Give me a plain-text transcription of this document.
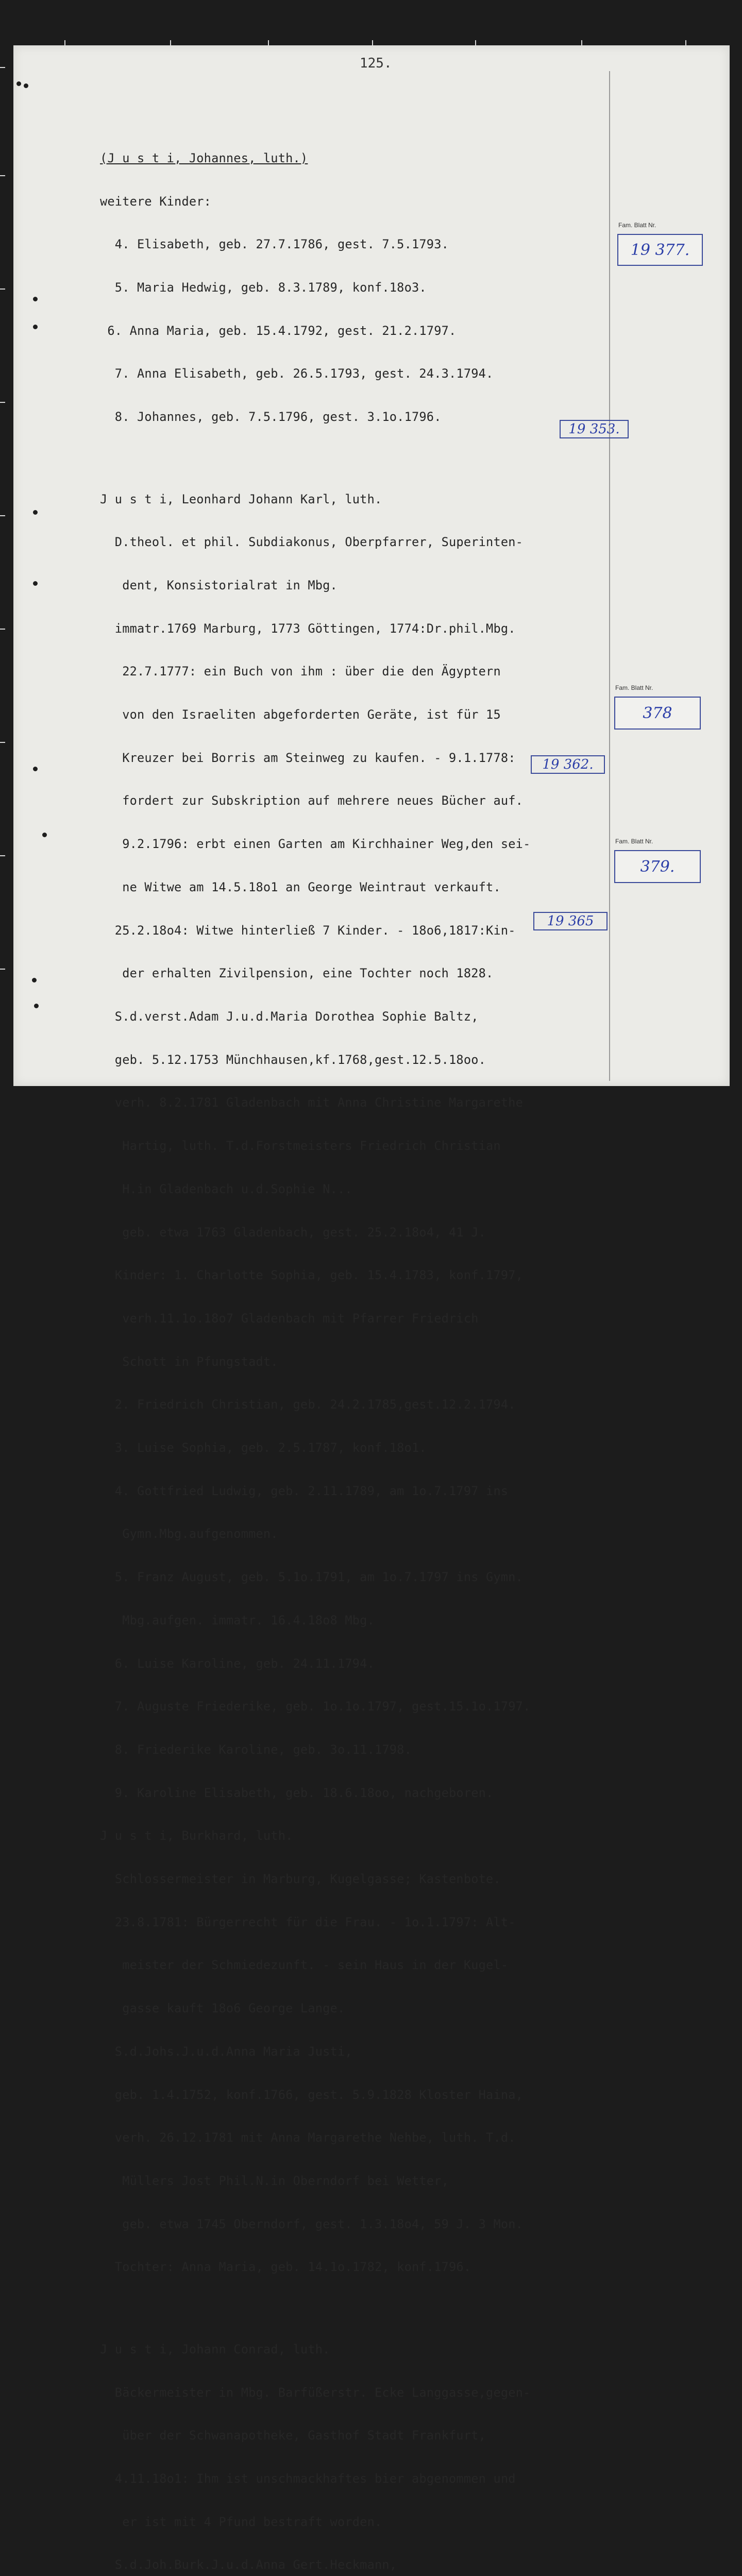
125.

(J u s t i, Johannes, luth.)

weitere Kinder:

4. Elisabeth, geb. 27.7.1786, gest. 7.5.1793.

5. Maria Hedwig, geb. 8.3.1789, konf.18o3.

6. Anna Maria, geb. 15.4.1792, gest. 21.2.1797.

7. Anna Elisabeth, geb. 26.5.1793, gest. 24.3.1794.

8. Johannes, geb. 7.5.1796, gest. 3.1o.1796.

J u s t i, Leonhard Johann Karl, luth.

D.theol. et phil. Subdiakonus, Oberpfarrer, Superinten-

dent, Konsistorialrat in Mbg.

immatr.1769 Marburg, 1773 Göttingen, 1774:Dr.phil.Mbg.

22.7.1777: ein Buch von ihm : über die den Ägyptern

von den Israeliten abgeforderten Geräte, ist für 15

Kreuzer bei Borris am Steinweg zu kaufen. - 9.1.1778:

fordert zur Subskription auf mehrere neues Bücher auf.

9.2.1796: erbt einen Garten am Kirchhainer Weg,den sei-

ne Witwe am 14.5.18o1 an George Weintraut verkauft.

25.2.18o4: Witwe hinterließ 7 Kinder. - 18o6,1817:Kin-

der erhalten Zivilpension, eine Tochter noch 1828.

S.d.verst.Adam J.u.d.Maria Dorothea Sophie Baltz,

geb. 5.12.1753 Münchhausen,kf.1768,gest.12.5.18oo.

verh. 8.2.1781 Gladenbach mit Anna Christine Margarethe

Hartig, luth. T.d.Forstmeisters Friedrich Christian

H.in Gladenbach u.d.Sophie N...

geb. etwa 1763 Gladenbach, gest. 25.2.18o4, 41 J.

Kinder: 1. Charlotte Sophia, geb. 15.4.1783, konf.1797,

verh.11.1o.18o7 Gladenbach mit Pfarrer Friedrich

Schott in Pfungstadt.

2. Friedrich Christian, geb. 24.2.1785,gest.12.2.1794.

3. Luise Sophia, geb. 2.5.1787, konf.18o1.

4. Gottfried Ludwig, geb. 2.11.1789, am 1o.7.1797 ins

Gymn.Mbg.aufgenommen.

5. Franz August, geb. 5.1o.1791, am 1o.7.1797 ins Gymn.

Mbg.aufgen. immatr. 16.4.18o8 Mbg.

6. Luise Karoline, geb. 24.11.1794.

7. Auguste Friederike, geb. 1o.1o.1797, gest.15.1o.1797.

8. Friederike Karoline, geb. 3o.11.1798.

9. Karoline Elisabeth, geb. 18.6.18oo, nachgeboren.

J u s t i, Burkhard, luth.

Schlossermeister in Marburg, Kugelgasse; Kastenbote.

23.8.1781: Bürgerrecht für die Frau. - 1o.1.1797: Alt-

meister der Schmiedezunft. - sein Haus in der Kugel-

gasse kauft 18o6 George Lange.

S.d.Johs.J.u.d.Anna Maria Justi,

geb. 1.4.1752, konf.1766, gest. 5.9.1828 Kloster Haina,

verh. 26.12.1781 mit Anna Margarethe Nehbe, luth. T.d.

Müllers Jost Phil.N.in Oberndorf bei Wetter,

geb. etwa 1745 Oberndorf, gest. 1.3.18o4, 59 J. 3 Mon.

Tochter: Anna Maria, geb. 14.1o.1782, konf.1796.

J u s t i, Johann Conrad, luth.

Bäckermeister in Mbg. Barfüßerstr. Ecke Langgasse,gegen-

über der Schwanapotheke, Gasthof Stadt Frankfurt,

4.11.18o1: Ihm ist unschmackhaftes bier abgenommen und

er ist mit 4 Pfund bestraft worden.

S.d.Joh.Burk.J.u.d.Anna Gert.Heckmann,

Fam. Blatt Nr.
19 377.
Fam. Blatt Nr.
378
Fam. Blatt Nr.
379.
19 353.
19 362.
19 365
